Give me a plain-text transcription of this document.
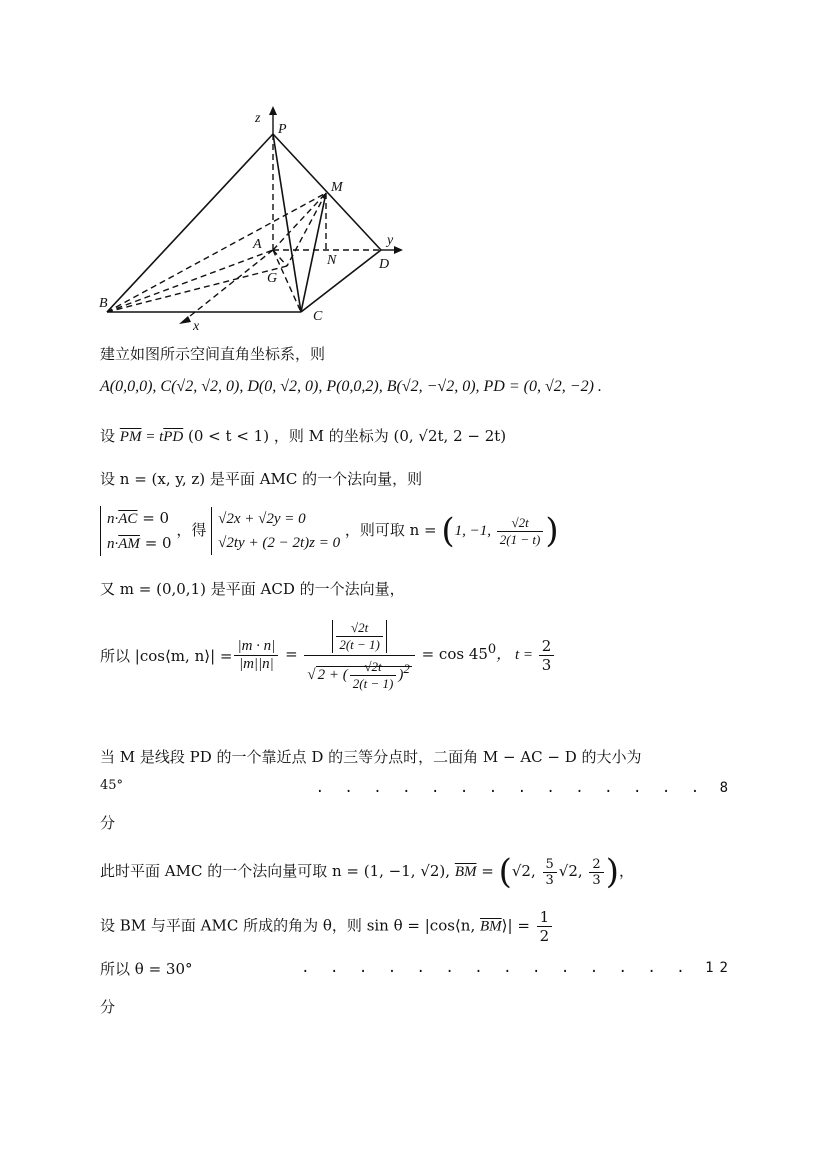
z
P
M
A
N	D
y
G
B
C
x
建立如图所示空间直角坐标系，则
A(0,0,0), C(√2, √2, 0), D(0, √2, 0), P(0,0,2), B(√2, −√2, 0), PD = (0, √2, −2) .
设 $\overline{PM} = t\overline{PD}$ (0 < t < 1) ，则 M 的坐标为 (0, √2t, 2 − 2t)
设 n = (x, y, z) 是平面 AMC 的一个法向量，则
$n\cdot\overline{AC} = 0$
$n\cdot\overline{AM} = 0$ ，得 √2x + √2y = 0
√2ty + (2 − 2t)z = 0 ，则可取 n = (1, −1, $\frac{√2t}{2(1 - t)}$ )
又 m = (0,0,1) 是平面 ACD 的一个法向量，
所以 |cos⟨m, n⟩| = $\frac{|m \cdot n|}{|m||n|} = \frac{\frac{√2t}{2(t - 1)}}{√ 2 + ( \frac{√2t}{2(t - 1)} )^2} = \cos 45^0$， $t = \frac{2}{3}$
当 M 是线段 PD 的一个靠近点 D 的三等分点时，二面角 M − AC − D 的大小为
45°	. . . . . . . . . . . . . . 8
分
此时平面 AMC 的一个法向量可取 n = (1, −1, √2), $\overline{BM} = (√2$, $\frac{5}{3} √2$, $\frac{2}{3}$ )，
设 BM 与平面 AMC 所成的角为 θ，则 sin θ = |cos⟨n, $\overline{BM}⟩| = \frac{1}{2}$
所以 θ = 30°	. . . . . . . . . . . . . . 12
分
